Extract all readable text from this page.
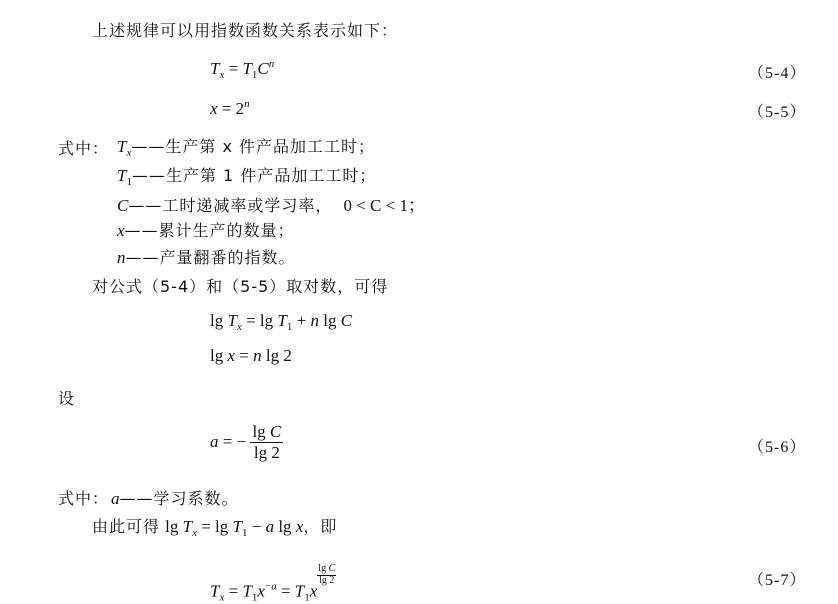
上述规律可以用指数函数关系表示如下：
$T_x = T_1C^n$
（5-4）
$x = 2^n$	（5-5）
式中： $T_x——$生产第 x 件产品加工工时；
$T_1——$生产第 1 件产品加工工时；
C——工时递减率或学习率， 0 < C < 1；
x——累计生产的数量；
n——产量翻番的指数。
对公式（5-4）和（5-5）取对数，可得
$\lg T_x = \lg T_1 + n$ lg C
lg x = n lg 2
设
a = − $\frac{\text{lg C}}{\lg 2}$	（5-6）
式中： a——学习系数。
由此可得 $\lg T_x = \lg T_1 - a$ lg x，即
$T_x = T_1x^{-a} = T_1x$
$\frac{\text{lg C}}{\lg 2}$	（5-7）
